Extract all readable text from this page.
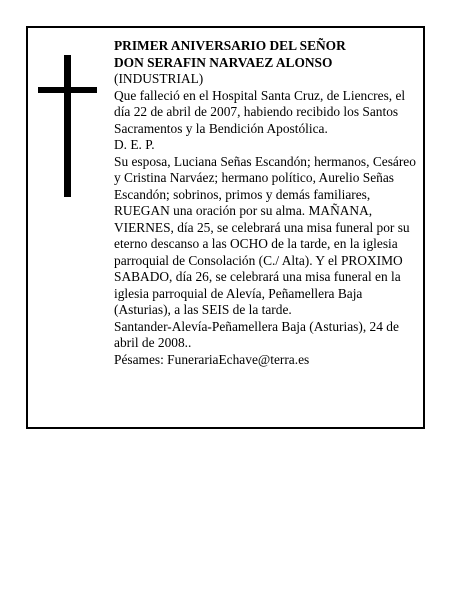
PRIMER ANIVERSARIO DEL SEÑOR

DON SERAFIN NARVAEZ ALONSO

(INDUSTRIAL)

Que falleció en el Hospital Santa Cruz, de Liencres, el día 22 de abril de 2007, habiendo recibido los Santos Sacramentos y la Bendición Apostólica.

D. E. P.

Su esposa, Luciana Señas Escandón; hermanos, Cesáreo y Cristina Narváez; hermano político, Aurelio Señas Escandón; sobrinos, primos y demás familiares, RUEGAN una oración por su alma. MAÑANA, VIERNES, día 25, se celebrará una misa funeral por su eterno descanso a las OCHO de la tarde, en la iglesia parroquial de Consolación (C./ Alta). Y el PROXIMO SABADO, día 26, se celebrará una misa funeral en la iglesia parroquial de Alevía, Peñamellera Baja (Asturias), a las SEIS de la tarde.

Santander-Alevía-Peñamellera Baja (Asturias), 24 de abril de 2008..

Pésames: FunerariaEchave@terra.es
